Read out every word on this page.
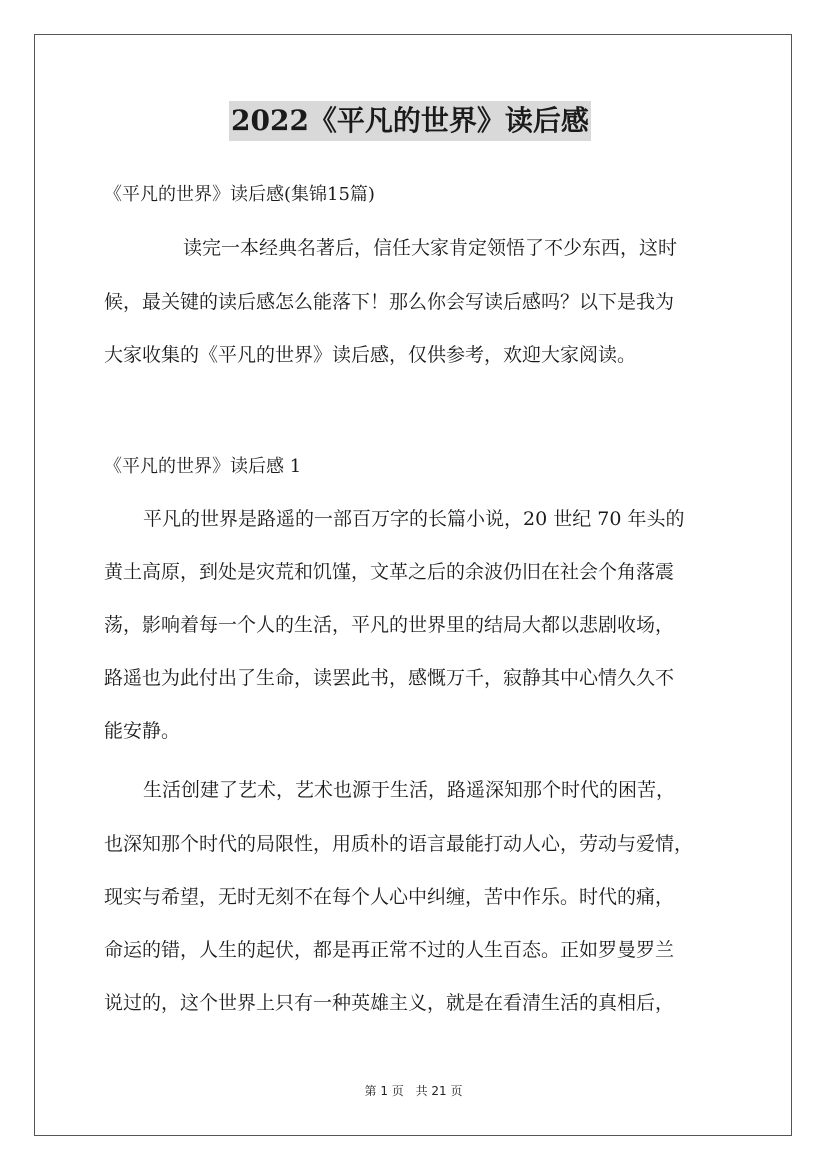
2022《平凡的世界》读后感
《平凡的世界》读后感(集锦15篇)
读完一本经典名著后，信任大家肯定领悟了不少东西，这时
候，最关键的读后感怎么能落下！那么你会写读后感吗？以下是我为
大家收集的《平凡的世界》读后感，仅供参考，欢迎大家阅读。
《平凡的世界》读后感 1
平凡的世界是路遥的一部百万字的长篇小说，20 世纪 70 年头的
黄土高原，到处是灾荒和饥馑，文革之后的余波仍旧在社会个角落震
荡，影响着每一个人的生活，平凡的世界里的结局大都以悲剧收场，
路遥也为此付出了生命，读罢此书，感慨万千，寂静其中心情久久不
能安静。
生活创建了艺术，艺术也源于生活，路遥深知那个时代的困苦，
也深知那个时代的局限性，用质朴的语言最能打动人心，劳动与爱情，
现实与希望，无时无刻不在每个人心中纠缠，苦中作乐。时代的痛，
命运的错，人生的起伏，都是再正常不过的人生百态。正如罗曼罗兰
说过的，这个世界上只有一种英雄主义，就是在看清生活的真相后，
第 1 页 共 21 页
